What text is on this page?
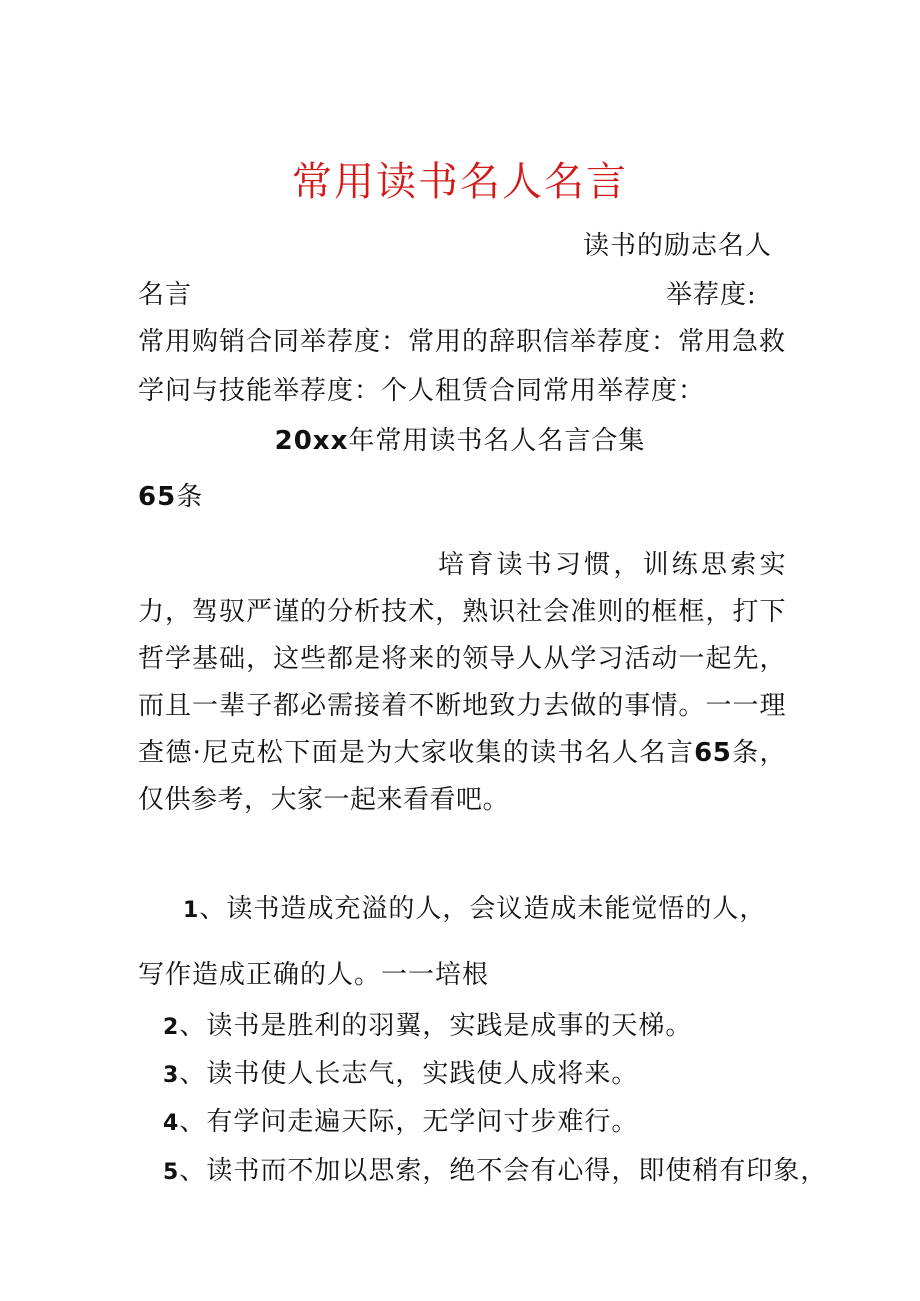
常用读书名人名言
读书的励志名人
名言	举荐度:
常用购销合同举荐度：常用的辞职信举荐度：常用急救
学问与技能举荐度：个人租赁合同常用举荐度：
20xx年常用读书名人名言合集
65条
培育读书习惯，训练思索实力，驾驭严谨的分析技术，熟识社会准则的框框，打下哲学基础，这些都是将来的领导人从学习活动一起先，而且一辈子都必需接着不断地致力去做的事情。一一理查德·尼克松下面是为大家收集的读书名人名言65条，仅供参考，大家一起来看看吧。
1、读书造成充溢的人，会议造成未能觉悟的人，
写作造成正确的人。一一培根
2、读书是胜利的羽翼，实践是成事的天梯。
3、读书使人长志气，实践使人成将来。
4、有学问走遍天际，无学问寸步难行。
5、读书而不加以思索，绝不会有心得，即使稍有印象，
